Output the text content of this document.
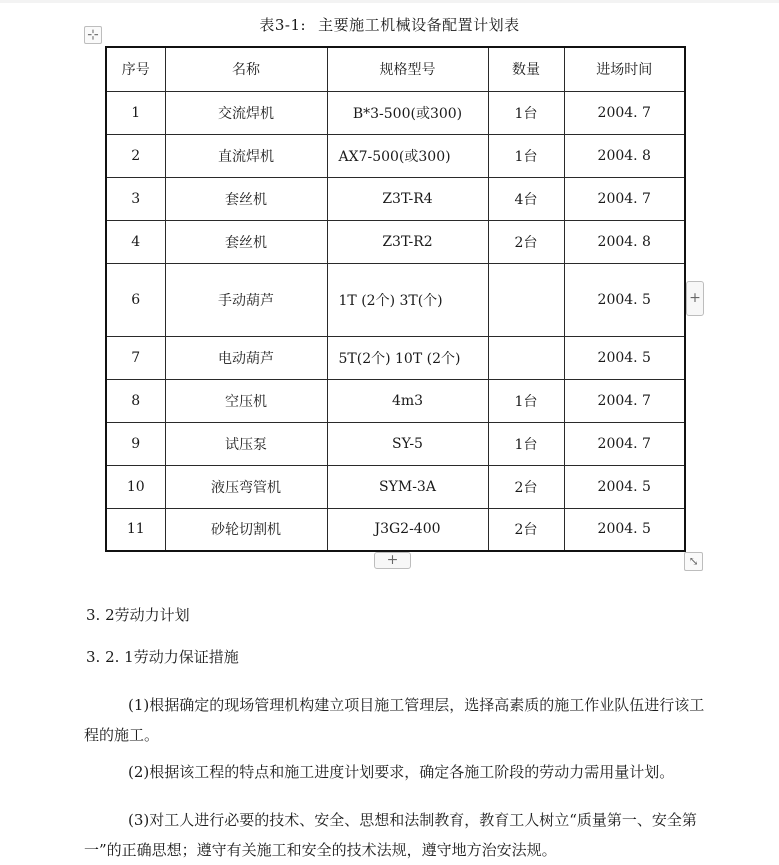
表3-1: 主要施工机械设备配置计划表
⊹
序号	名称	规格型号	数量	进场时间
1	交流焊机	B*3-500(或300)	1台	2004. 7
2	直流焊机	AX7-500(或300)	1台	2004. 8
3	套丝机	Z3T-R4	4台	2004. 7
4	套丝机	Z3T-R2	2台	2004. 8
6	手动葫芦	1T (2个) 3T(个)		2004. 5
7	电动葫芦	5T(2个) 10T (2个)		2004. 5
8	空压机	4m3	1台	2004. 7
9	试压泵	SY-5	1台	2004. 7
10	液压弯管机	SYM-3A	2台	2004. 5
11	砂轮切割机	J3G2-400	2台	2004. 5
+
+	⤡
3. 2劳动力计划
3. 2. 1劳动力保证措施
(1)根据确定的现场管理机构建立项目施工管理层，选择高素质的施工作业队伍进行该工程的施工。
(2)根据该工程的特点和施工进度计划要求，确定各施工阶段的劳动力需用量计划。
(3)对工人进行必要的技术、安全、思想和法制教育，教育工人树立“质量第一、安全第一”的正确思想；遵守有关施工和安全的技术法规，遵守地方治安法规。
